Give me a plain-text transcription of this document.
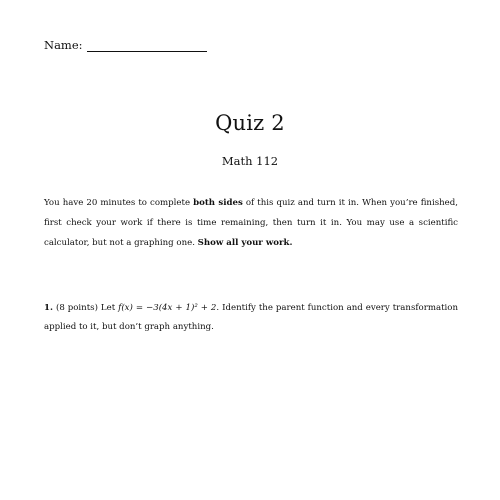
Name:
Quiz 2
Math 112
You have 20 minutes to complete both sides of this quiz and turn it in. When you’re finished, first check your work if there is time remaining, then turn it in. You may use a scientific calculator, but not a graphing one. Show all your work.
1. (8 points) Let f(x) = −3(4x + 1)² + 2. Identify the parent function and every transformation applied to it, but don’t graph anything.
